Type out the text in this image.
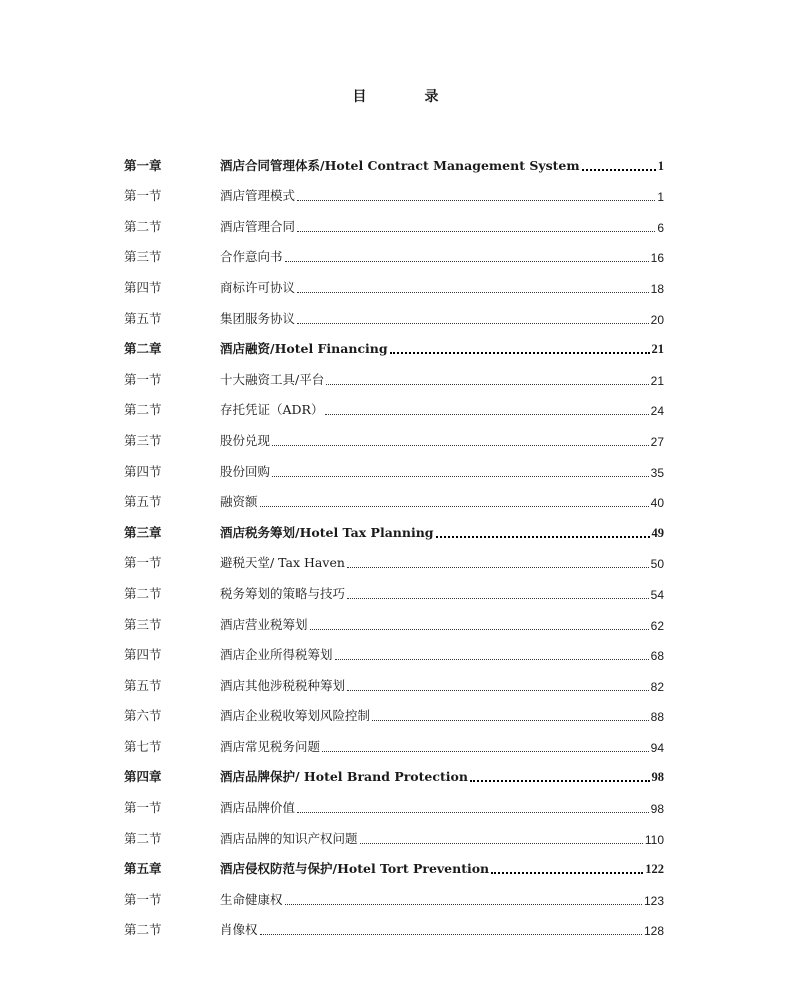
目　录
第一章	酒店合同管理体系/Hotel Contract Management System	1
第一节	酒店管理模式	1
第二节	酒店管理合同	6
第三节	合作意向书	16
第四节	商标许可协议	18
第五节	集团服务协议	20
第二章	酒店融资/Hotel Financing	21
第一节	十大融资工具/平台	21
第二节	存托凭证（ADR）	24
第三节	股份兑现	27
第四节	股份回购	35
第五节	融资额	40
第三章	酒店税务筹划/Hotel Tax Planning	49
第一节	避税天堂/ Tax Haven	50
第二节	税务筹划的策略与技巧	54
第三节	酒店营业税筹划	62
第四节	酒店企业所得税筹划	68
第五节	酒店其他涉税税种筹划	82
第六节	酒店企业税收筹划风险控制	88
第七节	酒店常见税务问题	94
第四章	酒店品牌保护/ Hotel Brand Protection	98
第一节	酒店品牌价值	98
第二节	酒店品牌的知识产权问题	110
第五章	酒店侵权防范与保护/Hotel Tort Prevention	122
第一节	生命健康权	123
第二节	肖像权	128
